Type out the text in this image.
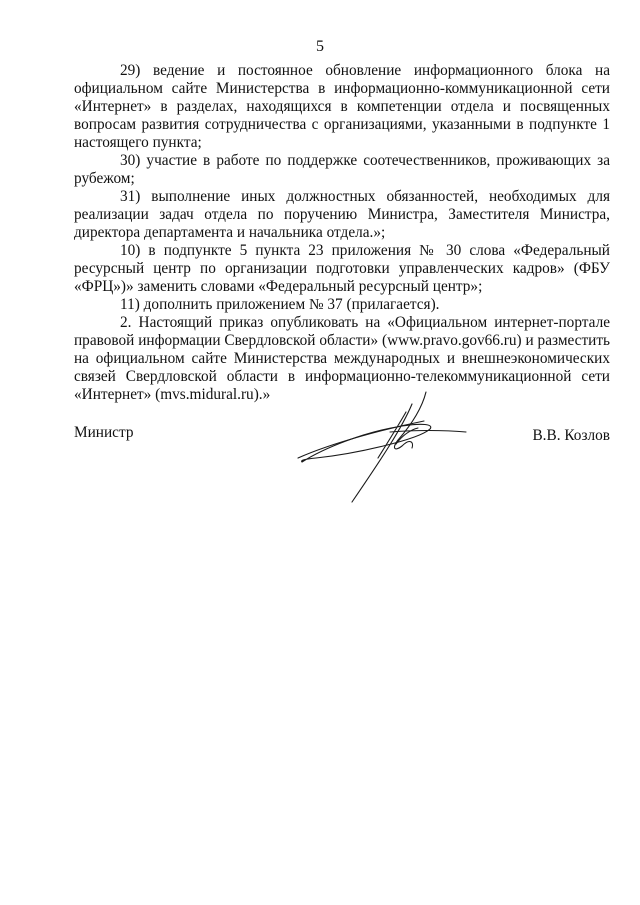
5

29) ведение и постоянное обновление информационного блока на официальном сайте Министерства в информационно-коммуникационной сети «Интернет» в разделах, находящихся в компетенции отдела и посвященных вопросам развития сотрудничества с организациями, указанными в подпункте 1 настоящего пункта;

30) участие в работе по поддержке соотечественников, проживающих за рубежом;

31) выполнение иных должностных обязанностей, необходимых для реализации задач отдела по поручению Министра, Заместителя Министра, директора департамента и начальника отдела.»;

10) в подпункте 5 пункта 23 приложения № 30 слова «Федеральный ресурсный центр по организации подготовки управленческих кадров» (ФБУ «ФРЦ»)» заменить словами «Федеральный ресурсный центр»;

11) дополнить приложением № 37 (прилагается).

2. Настоящий приказ опубликовать на «Официальном интернет-портале правовой информации Свердловской области» (www.pravo.gov66.ru) и разместить на официальном сайте Министерства международных и внешнеэкономических связей Свердловской области в информационно-телекоммуникационной сети «Интернет» (mvs.midural.ru).»

Министр	В.В. Козлов
